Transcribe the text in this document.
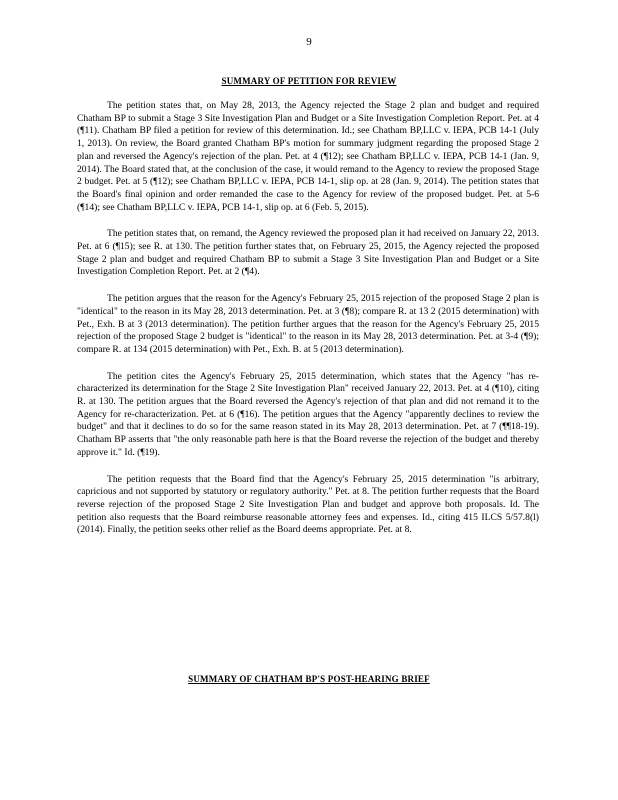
9
SUMMARY OF PETITION FOR REVIEW

The petition states that, on May 28, 2013, the Agency rejected the Stage 2 plan and budget and required Chatham BP to submit a Stage 3 Site Investigation Plan and Budget or a Site Investigation Completion Report. Pet. at 4 (¶11). Chatham BP filed a petition for review of this determination. Id.; see Chatham BP,LLC v. IEPA, PCB 14-1 (July 1, 2013). On review, the Board granted Chatham BP's motion for summary judgment regarding the proposed Stage 2 plan and reversed the Agency's rejection of the plan. Pet. at 4 (¶12); see Chatham BP,LLC v. IEPA, PCB 14-1 (Jan. 9, 2014). The Board stated that, at the conclusion of the case, it would remand to the Agency to review the proposed Stage 2 budget. Pet. at 5 (¶12); see Chatham BP,LLC v. IEPA, PCB 14-1, slip op. at 28 (Jan. 9, 2014). The petition states that the Board's final opinion and order remanded the case to the Agency for review of the proposed budget. Pet. at 5-6 (¶14); see Chatham BP,LLC v. IEPA, PCB 14-1, slip op. at 6 (Feb. 5, 2015).

The petition states that, on remand, the Agency reviewed the proposed plan it had received on January 22, 2013. Pet. at 6 (¶15); see R. at 130. The petition further states that, on February 25, 2015, the Agency rejected the proposed Stage 2 plan and budget and required Chatham BP to submit a Stage 3 Site Investigation Plan and Budget or a Site Investigation Completion Report. Pet. at 2 (¶4).

The petition argues that the reason for the Agency's February 25, 2015 rejection of the proposed Stage 2 plan is "identical" to the reason in its May 28, 2013 determination. Pet. at 3 (¶8); compare R. at 13 2 (2015 determination) with Pet., Exh. B at 3 (2013 determination). The petition further argues that the reason for the Agency's February 25, 2015 rejection of the proposed Stage 2 budget is "identical" to the reason in its May 28, 2013 determination. Pet. at 3-4 (¶9); compare R. at 134 (2015 determination) with Pet., Exh. B. at 5 (2013 determination).

The petition cites the Agency's February 25, 2015 determination, which states that the Agency "has re-characterized its determination for the Stage 2 Site Investigation Plan" received January 22, 2013. Pet. at 4 (¶10), citing R. at 130. The petition argues that the Board reversed the Agency's rejection of that plan and did not remand it to the Agency for re-characterization. Pet. at 6 (¶16). The petition argues that the Agency "apparently declines to review the budget" and that it declines to do so for the same reason stated in its May 28, 2013 determination. Pet. at 7 (¶¶18-19). Chatham BP asserts that "the only reasonable path here is that the Board reverse the rejection of the budget and thereby approve it." Id. (¶19).

The petition requests that the Board find that the Agency's February 25, 2015 determination "is arbitrary, capricious and not supported by statutory or regulatory authority." Pet. at 8. The petition further requests that the Board reverse rejection of the proposed Stage 2 Site Investigation Plan and budget and approve both proposals. Id. The petition also requests that the Board reimburse reasonable attorney fees and expenses. Id., citing 415 ILCS 5/57.8(l) (2014). Finally, the petition seeks other relief as the Board deems appropriate. Pet. at 8.

SUMMARY OF CHATHAM BP'S POST-HEARING BRIEF
